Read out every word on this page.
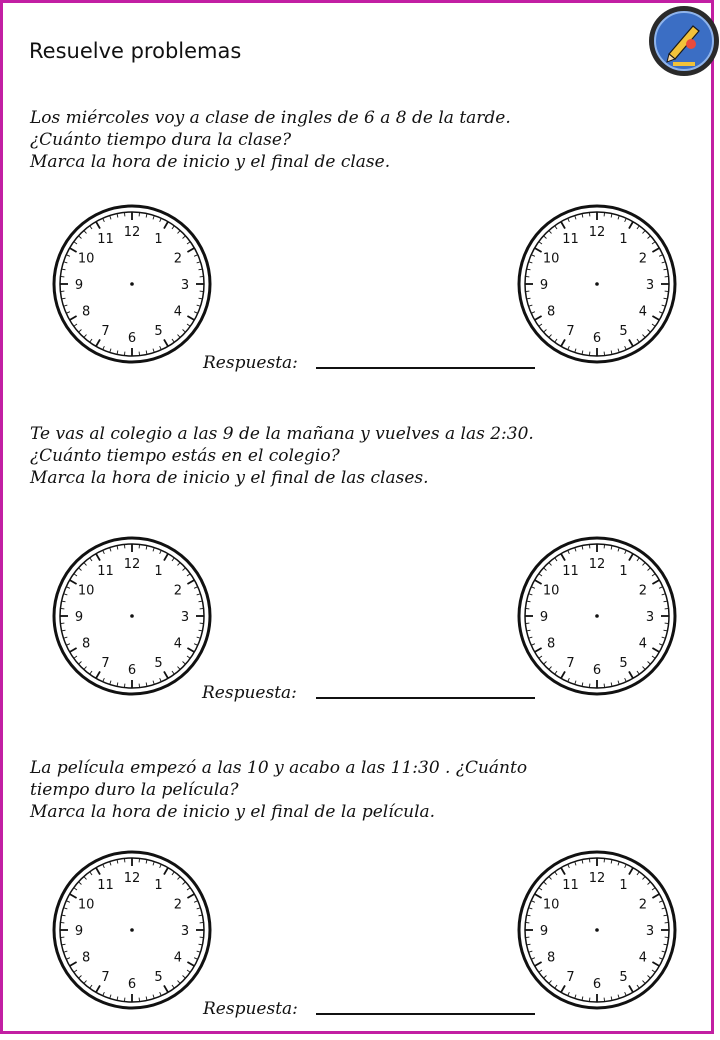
Resuelve problemas
Los miércoles voy a clase de ingles de 6 a 8 de la tarde.
¿Cuánto tiempo dura la clase?
Marca la hora de inicio y el final de clase.
12 1
2
3
4
5
6
7
8
9
10
11	12 1
2
3
4
5
6
7
8
9
10
11
Respuesta:
Te vas al colegio a las 9 de la mañana y vuelves a las 2:30.
¿Cuánto tiempo estás en el colegio?
Marca la hora de inicio y el final de las clases.
12 1
2
3
4
5
6
7
8
9
10
11	12 1
2
3
4
5
6
7
8
9
10
11
Respuesta:
La película empezó a las 10 y acabo a las 11:30 . ¿Cuánto
tiempo duro la película?
Marca la hora de inicio y el final de la película.
12 1
2
3
4
5
6
7
8
9
10
11	12 1
2
3
4
5
6
7
8
9
10
11
Respuesta:
